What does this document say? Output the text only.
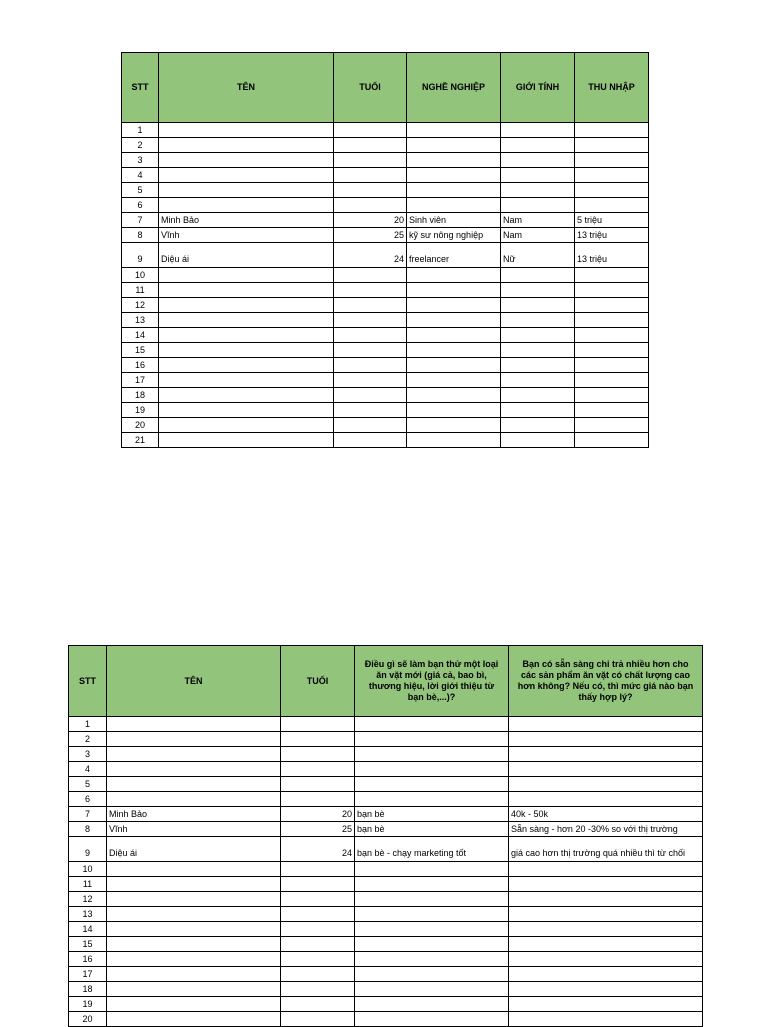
STT	TÊN	TUỔI	NGHỀ NGHIỆP	GIỚI TÍNH	THU NHẬP
1					
2					
3					
4					
5					
6					
7	Minh Bảo	20	Sinh viên	Nam	5 triệu
8	Vĩnh	25	kỹ sư nông nghiệp	Nam	13 triệu
9	Diệu ái	24	freelancer	Nữ	13 triệu
10					
11					
12					
13					
14					
15					
16					
17					
18					
19					
20					
21					
STT	TÊN	TUỔI	Điều gì sẽ làm bạn thử một loại ăn vặt mới (giá cả, bao bì, thương hiệu, lời giới thiệu từ bạn bè,...)?	Bạn có sẵn sàng chi trả nhiều hơn cho các sản phẩm ăn vặt có chất lượng cao hơn không? Nếu có, thì mức giá nào bạn thấy hợp lý?
1				
2				
3				
4				
5				
6				
7	Minh Bảo	20	bạn bè	40k - 50k
8	Vĩnh	25	bạn bè	Sẵn sàng - hơn 20 -30% so với thị trường
9	Diệu ái	24	bạn bè - chạy marketing tốt	giá cao hơn thị trường quá nhiều thì từ chối
10				
11				
12				
13				
14				
15				
16				
17				
18				
19				
20				
